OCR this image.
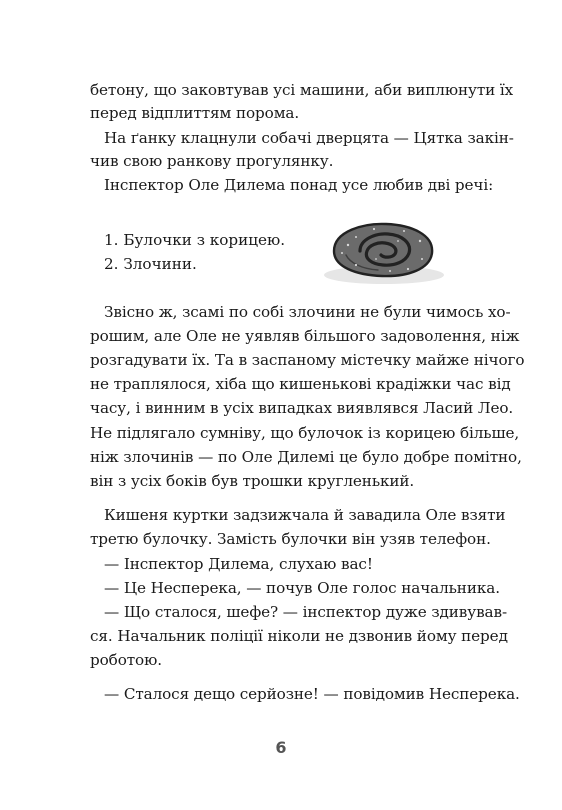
бетону, що заковтував усі машини, аби виплюнути їх
перед відплиттям порома.
На ґанку клацнули собачі дверцята — Цятка закін-
чив свою ранкову прогулянку.
Інспектор Оле Дилема понад усе любив дві речі:
1. Булочки з корицею.
2. Злочини.
Звісно ж, зсамі по собі злочини не були чимось хо-
рошим, але Оле не уявляв більшого задоволення, ніж
розгадувати їх. Та в заспаному містечку майже нічого
не траплялося, хіба що кишенькові крадіжки час від
часу, і винним в усіх випадках виявлявся Ласий Лео.
Не підлягало сумніву, що булочок із корицею більше,
ніж злочинів — по Оле Дилемі це було добре помітно,
він з усіх боків був трошки кругленький.
Кишеня куртки задзижчала й завадила Оле взяти
третю булочку. Замість булочки він узяв телефон.
— Інспектор Дилема, слухаю вас!
— Це Несперека, — почув Оле голос начальника.
— Що сталося, шефе? — інспектор дуже здивував-
ся. Начальник поліції ніколи не дзвонив йому перед
роботою.
— Сталося дещо серйозне! — повідомив Несперека.
6
